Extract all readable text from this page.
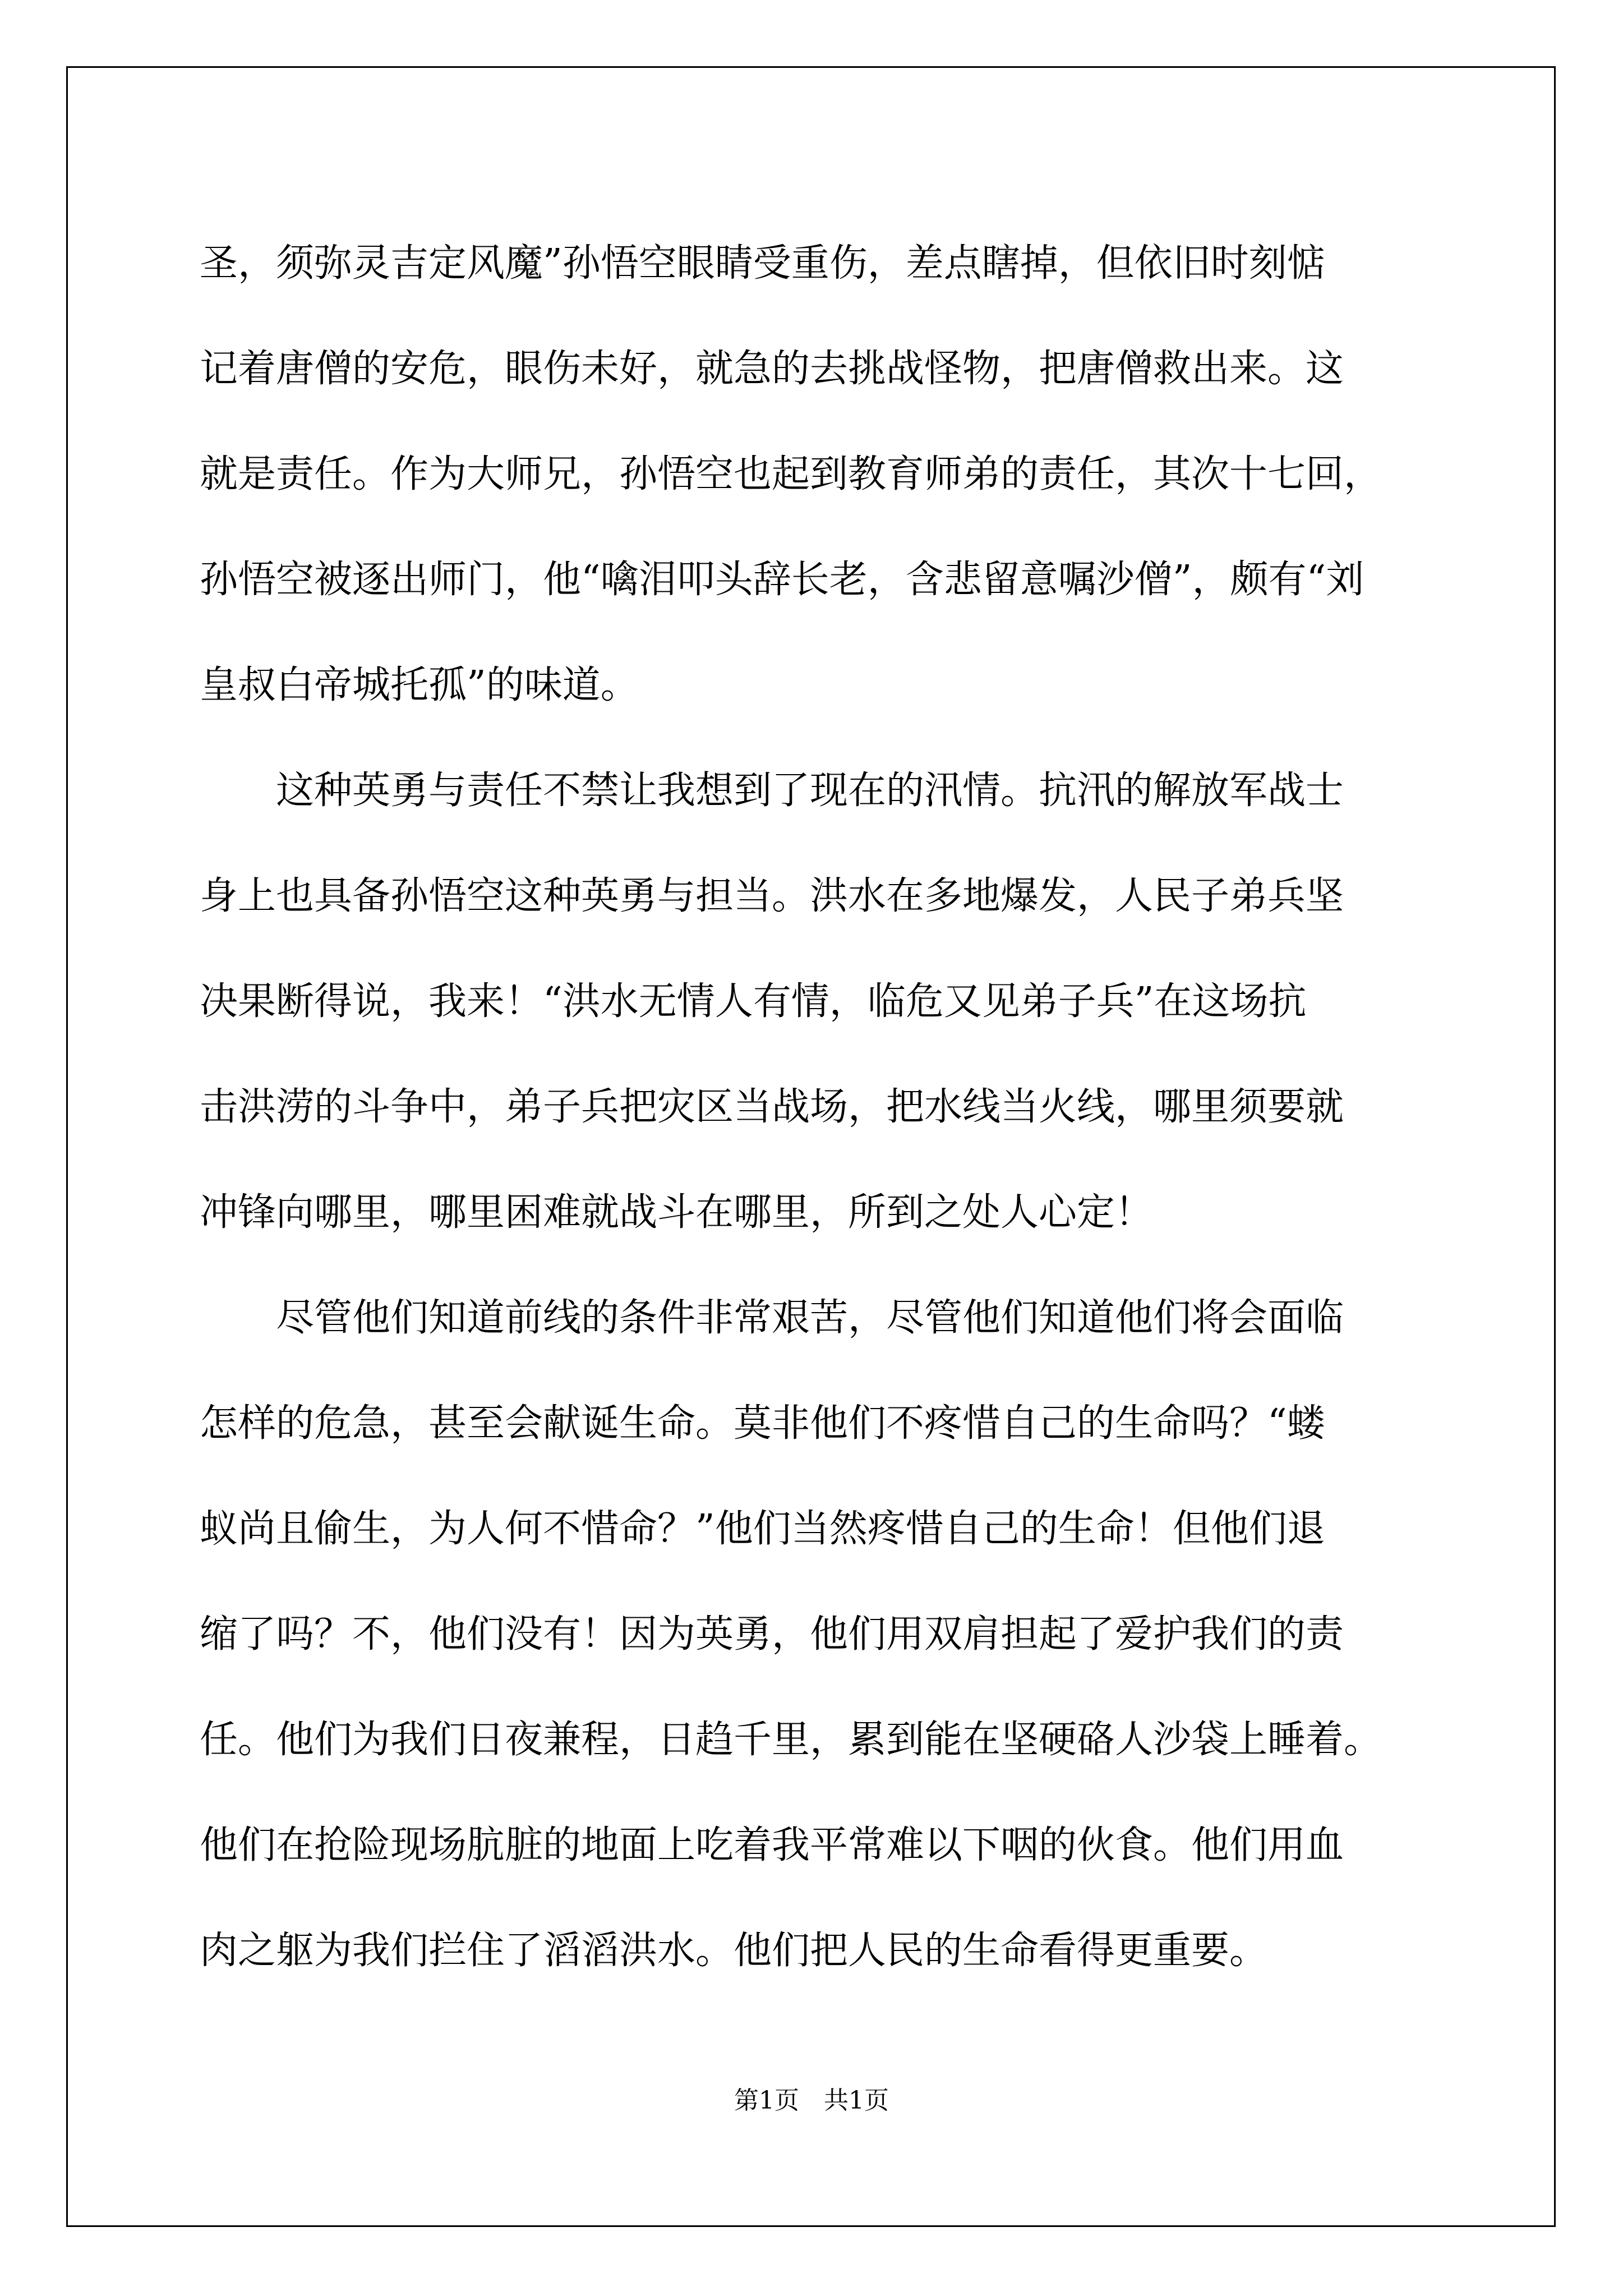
圣，须弥灵吉定风魔”孙悟空眼睛受重伤，差点瞎掉，但依旧时刻惦
记着唐僧的安危，眼伤未好，就急的去挑战怪物，把唐僧救出来。这
就是责任。作为大师兄，孙悟空也起到教育师弟的责任，其次十七回，
孙悟空被逐出师门，他“噙泪叩头辞长老，含悲留意嘱沙僧”，颇有“刘
皇叔白帝城托孤”的味道。
　　这种英勇与责任不禁让我想到了现在的汛情。抗汛的解放军战士
身上也具备孙悟空这种英勇与担当。洪水在多地爆发，人民子弟兵坚
决果断得说，我来！“洪水无情人有情，临危又见弟子兵”在这场抗
击洪涝的斗争中，弟子兵把灾区当战场，把水线当火线，哪里须要就
冲锋向哪里，哪里困难就战斗在哪里，所到之处人心定！
　　尽管他们知道前线的条件非常艰苦，尽管他们知道他们将会面临
怎样的危急，甚至会献诞生命。莫非他们不疼惜自己的生命吗？“蝼
蚁尚且偷生，为人何不惜命？”他们当然疼惜自己的生命！但他们退
缩了吗？不，他们没有！因为英勇，他们用双肩担起了爱护我们的责
任。他们为我们日夜兼程，日趋千里，累到能在坚硬硌人沙袋上睡着。
他们在抢险现场肮脏的地面上吃着我平常难以下咽的伙食。他们用血
肉之躯为我们拦住了滔滔洪水。他们把人民的生命看得更重要。
第1页　共1页
